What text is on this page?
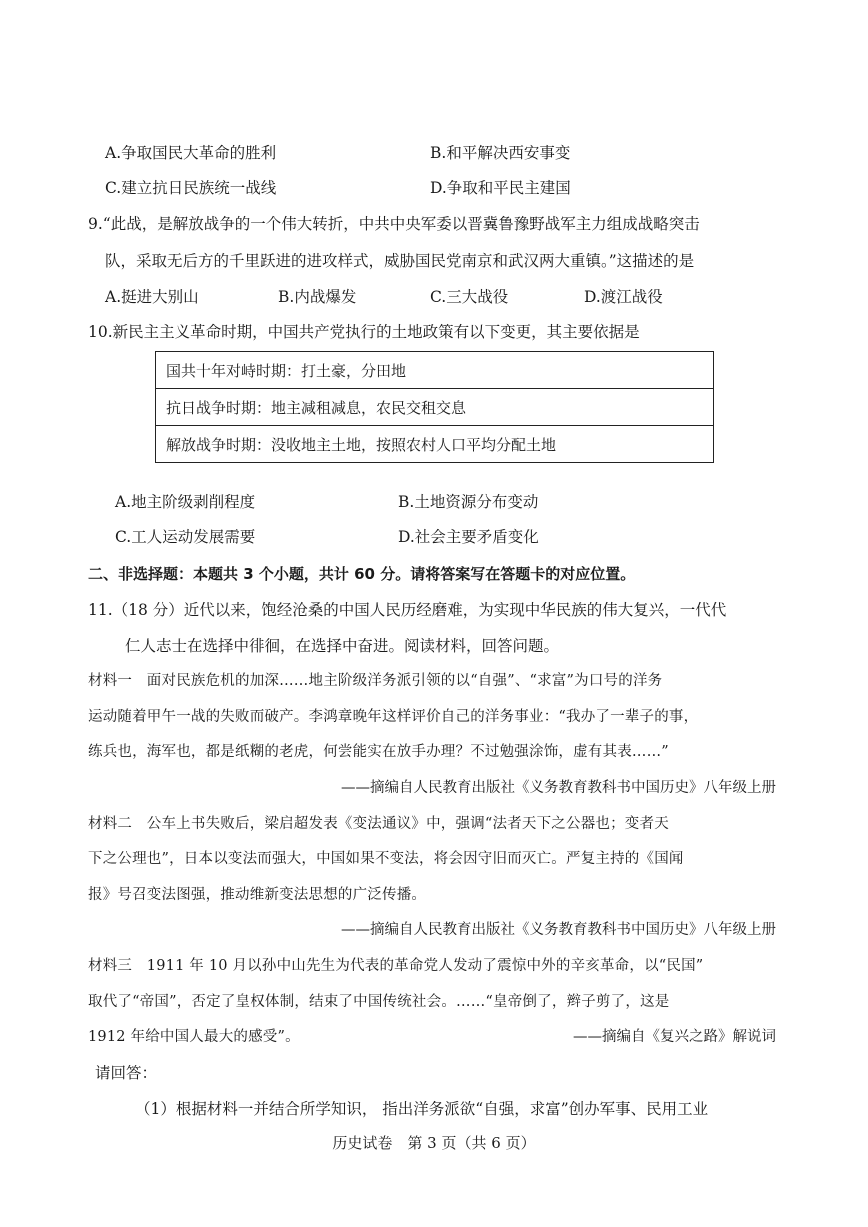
A.争取国民大革命的胜利	B.和平解决西安事变
C.建立抗日民族统一战线	D.争取和平民主建国
9.“此战，是解放战争的一个伟大转折，中共中央军委以晋冀鲁豫野战军主力组成战略突击
队，采取无后方的千里跃进的进攻样式，威胁国民党南京和武汉两大重镇。”这描述的是
A.挺进大别山	B.内战爆发	C.三大战役	D.渡江战役
10.新民主主义革命时期，中国共产党执行的土地政策有以下变更，其主要依据是
国共十年对峙时期：打土豪，分田地
抗日战争时期：地主减租减息，农民交租交息
解放战争时期：没收地主土地，按照农村人口平均分配土地
A.地主阶级剥削程度	B.土地资源分布变动
C.工人运动发展需要	D.社会主要矛盾变化
二、非选择题：本题共 3 个小题，共计 60 分。请将答案写在答题卡的对应位置。
11.（18 分）近代以来，饱经沧桑的中国人民历经磨难，为实现中华民族的伟大复兴，一代代
仁人志士在选择中徘徊，在选择中奋进。阅读材料，回答问题。
材料一　面对民族危机的加深……地主阶级洋务派引领的以“自强”、“求富”为口号的洋务
运动随着甲午一战的失败而破产。李鸿章晚年这样评价自己的洋务事业：“我办了一辈子的事，
练兵也，海军也，都是纸糊的老虎，何尝能实在放手办理？不过勉强涂饰，虚有其表……”
——摘编自人民教育出版社《义务教育教科书中国历史》八年级上册
材料二　公车上书失败后，梁启超发表《变法通议》中，强调“法者天下之公器也；变者天
下之公理也”，日本以变法而强大，中国如果不变法，将会因守旧而灭亡。严复主持的《国闻
报》号召变法图强，推动维新变法思想的广泛传播。
——摘编自人民教育出版社《义务教育教科书中国历史》八年级上册
材料三　1911 年 10 月以孙中山先生为代表的革命党人发动了震惊中外的辛亥革命，以“民国”
取代了“帝国”，否定了皇权体制，结束了中国传统社会。……“皇帝倒了，辫子剪了，这是
1912 年给中国人最大的感受”。	——摘编自《复兴之路》解说词
请回答：
（1）根据材料一并结合所学知识， 指出洋务派欲“自强，求富”创办军事、民用工业
历史试卷　第 3 页（共 6 页）
